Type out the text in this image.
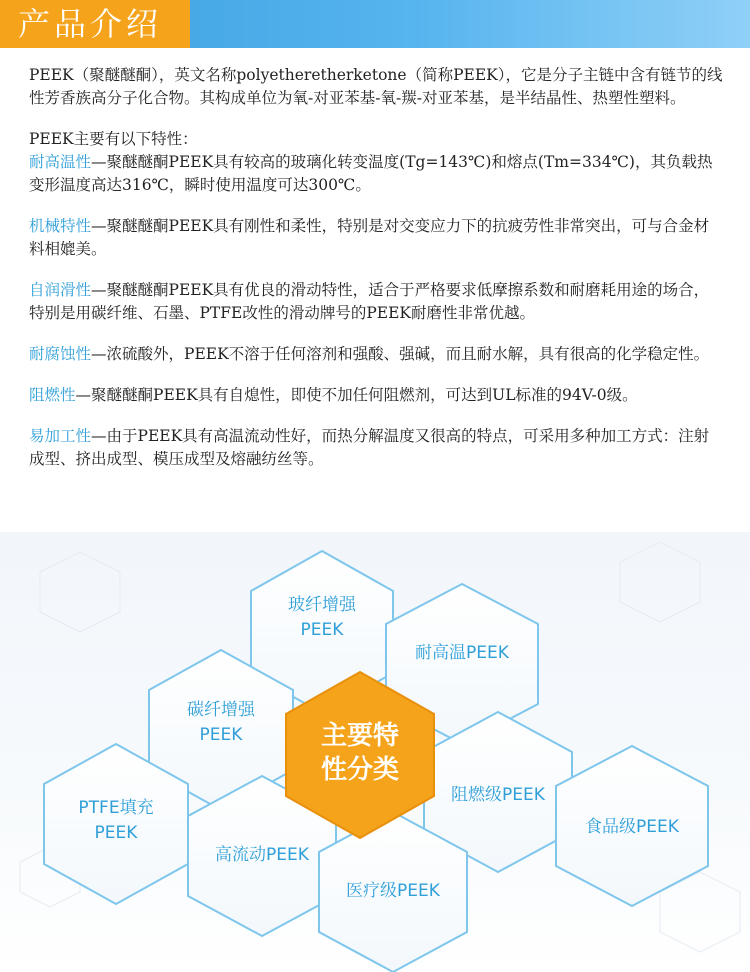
产品介绍

PEEK（聚醚醚酮），英文名称polyetheretherketone（简称PEEK），它是分子主链中含有链节的线性芳香族高分子化合物。其构成单位为氧-对亚苯基-氧-羰-对亚苯基，是半结晶性、热塑性塑料。

PEEK主要有以下特性：

耐高温性—聚醚醚酮PEEK具有较高的玻璃化转变温度(Tg=143℃)和熔点(Tm=334℃)，其负载热变形温度高达316℃，瞬时使用温度可达300℃。

机械特性—聚醚醚酮PEEK具有刚性和柔性，特别是对交变应力下的抗疲劳性非常突出，可与合金材料相媲美。

自润滑性—聚醚醚酮PEEK具有优良的滑动特性，适合于严格要求低摩擦系数和耐磨耗用途的场合，特别是用碳纤维、石墨、PTFE改性的滑动牌号的PEEK耐磨性非常优越。

耐腐蚀性—浓硫酸外，PEEK不溶于任何溶剂和强酸、强碱，而且耐水解，具有很高的化学稳定性。

阻燃性—聚醚醚酮PEEK具有自熄性，即使不加任何阻燃剂，可达到UL标准的94V-0级。

易加工性—由于PEEK具有高温流动性好，而热分解温度又很高的特点，可采用多种加工方式：注射成型、挤出成型、模压成型及熔融纺丝等。

玻纤增强
PEEK
耐高温PEEK
碳纤增强
PEEK
阻燃级PEEK
PTFE填充
PEEK
高流动PEEK
医疗级PEEK
食品级PEEK
主要特
性分类
